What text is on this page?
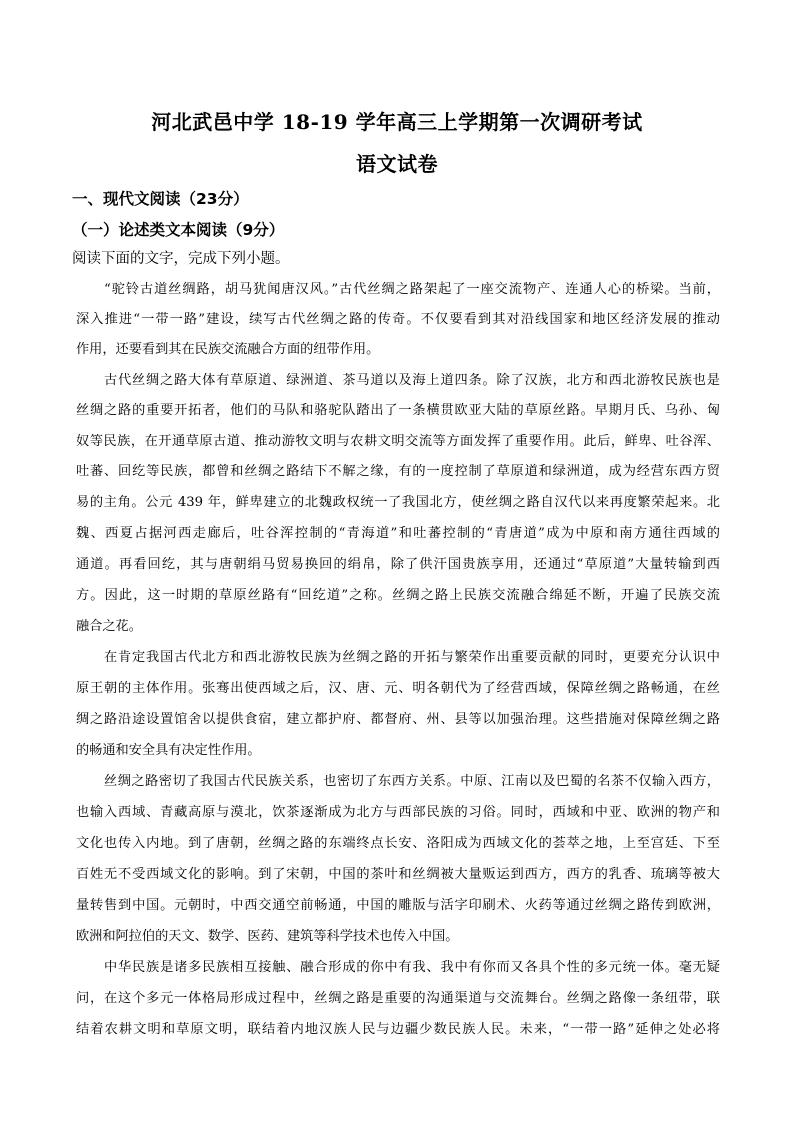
河北武邑中学 18-19 学年高三上学期第一次调研考试
语文试卷
一、现代文阅读（23分）
（一）论述类文本阅读（9分）
阅读下面的文字，完成下列小题。
“驼铃古道丝绸路，胡马犹闻唐汉风。”古代丝绸之路架起了一座交流物产、连通人心的桥梁。当前，
深入推进“一带一路”建设，续写古代丝绸之路的传奇。不仅要看到其对沿线国家和地区经济发展的推动
作用，还要看到其在民族交流融合方面的纽带作用。
古代丝绸之路大体有草原道、绿洲道、茶马道以及海上道四条。除了汉族，北方和西北游牧民族也是
丝绸之路的重要开拓者，他们的马队和骆驼队踏出了一条横贯欧亚大陆的草原丝路。早期月氏、乌孙、匈
奴等民族，在开通草原古道、推动游牧文明与农耕文明交流等方面发挥了重要作用。此后，鲜卑、吐谷浑、
吐蕃、回纥等民族，都曾和丝绸之路结下不解之缘，有的一度控制了草原道和绿洲道，成为经营东西方贸
易的主角。公元 439 年，鲜卑建立的北魏政权统一了我国北方，使丝绸之路自汉代以来再度繁荣起来。北
魏、西夏占据河西走廊后，吐谷浑控制的“青海道”和吐蕃控制的“青唐道”成为中原和南方通往西域的
通道。再看回纥，其与唐朝绢马贸易换回的绢帛，除了供汗国贵族享用，还通过“草原道”大量转输到西
方。因此，这一时期的草原丝路有“回纥道”之称。丝绸之路上民族交流融合绵延不断，开遍了民族交流
融合之花。
在肯定我国古代北方和西北游牧民族为丝绸之路的开拓与繁荣作出重要贡献的同时，更要充分认识中
原王朝的主体作用。张骞出使西域之后，汉、唐、元、明各朝代为了经营西域，保障丝绸之路畅通，在丝
绸之路沿途设置馆舍以提供食宿，建立都护府、都督府、州、县等以加强治理。这些措施对保障丝绸之路
的畅通和安全具有决定性作用。
丝绸之路密切了我国古代民族关系，也密切了东西方关系。中原、江南以及巴蜀的名茶不仅输入西方，
也输入西域、青藏高原与漠北，饮茶逐渐成为北方与西部民族的习俗。同时，西域和中亚、欧洲的物产和
文化也传入内地。到了唐朝，丝绸之路的东端终点长安、洛阳成为西域文化的荟萃之地，上至宫廷、下至
百姓无不受西域文化的影响。到了宋朝，中国的茶叶和丝绸被大量贩运到西方，西方的乳香、琉璃等被大
量转售到中国。元朝时，中西交通空前畅通，中国的雕版与活字印刷术、火药等通过丝绸之路传到欧洲，
欧洲和阿拉伯的天文、数学、医药、建筑等科学技术也传入中国。
中华民族是诸多民族相互接触、融合形成的你中有我、我中有你而又各具个性的多元统一体。毫无疑
问，在这个多元一体格局形成过程中，丝绸之路是重要的沟通渠道与交流舞台。丝绸之路像一条纽带，联
结着农耕文明和草原文明，联结着内地汉族人民与边疆少数民族人民。未来，“一带一路”延伸之处必将
